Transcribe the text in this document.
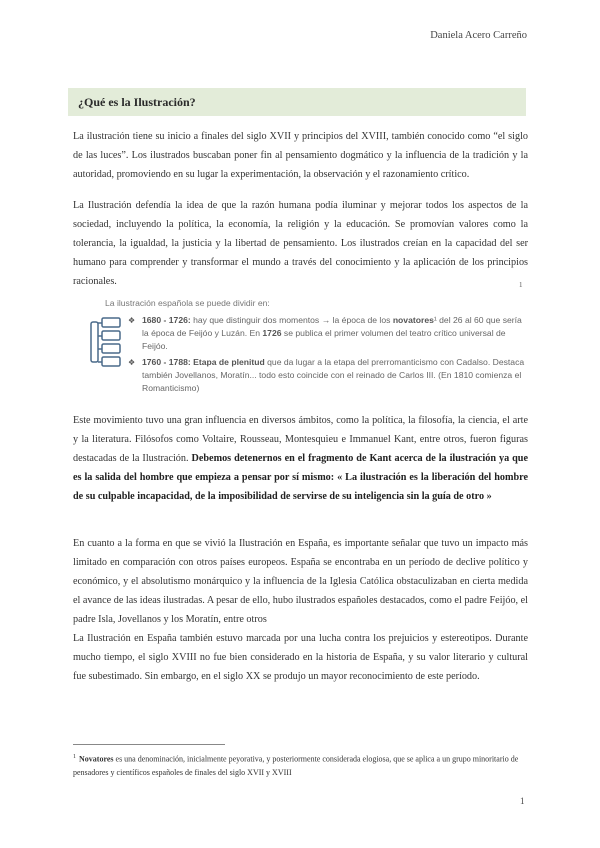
Daniela Acero Carreño
¿Qué es la Ilustración?

La ilustración tiene su inicio a finales del siglo XVII y principios del XVIII, también conocido como “el siglo de las luces”. Los ilustrados buscaban poner fin al pensamiento dogmático y la influencia de la tradición y la autoridad, promoviendo en su lugar la experimentación, la observación y el razonamiento crítico.

La Ilustración defendía la idea de que la razón humana podía iluminar y mejorar todos los aspectos de la sociedad, incluyendo la política, la economía, la religión y la educación. Se promovían valores como la tolerancia, la igualdad, la justicia y la libertad de pensamiento. Los ilustrados creían en la capacidad del ser humano para comprender y transformar el mundo a través del conocimiento y la aplicación de los principios racionales.	1

La ilustración española se puede dividir en:

❖ 1680 - 1726: hay que distinguir dos momentos → la época de los novatores¹ del 26 al 60 que sería la época de Feijóo y Luzán. En 1726 se publica el primer volumen del teatro crítico universal de Feijóo.
❖ 1760 - 1788: Etapa de plenitud que da lugar a la etapa del prerromanticismo con Cadalso. Destaca también Jovellanos, Moratín... todo esto coincide con el reinado de Carlos III. (En 1810 comienza el Romanticismo)

Este movimiento tuvo una gran influencia en diversos ámbitos, como la política, la filosofía, la ciencia, el arte y la literatura. Filósofos como Voltaire, Rousseau, Montesquieu e Immanuel Kant, entre otros, fueron figuras destacadas de la Ilustración. Debemos detenernos en el fragmento de Kant acerca de la ilustración ya que es la salida del hombre que empieza a pensar por sí mismo: « La ilustración es la liberación del hombre de su culpable incapacidad, de la imposibilidad de servirse de su inteligencia sin la guía de otro »

En cuanto a la forma en que se vivió la Ilustración en España, es importante señalar que tuvo un impacto más limitado en comparación con otros países europeos. España se encontraba en un período de declive político y económico, y el absolutismo monárquico y la influencia de la Iglesia Católica obstaculizaban en cierta medida el avance de las ideas ilustradas. A pesar de ello, hubo ilustrados españoles destacados, como el padre Feijóo, el padre Isla, Jovellanos y los Moratín, entre otros

La Ilustración en España también estuvo marcada por una lucha contra los prejuicios y estereotipos. Durante mucho tiempo, el siglo XVIII no fue bien considerado en la historia de España, y su valor literario y cultural fue subestimado. Sin embargo, en el siglo XX se produjo un mayor reconocimiento de este período.

$^1$ Novatores es una denominación, inicialmente peyorativa, y posteriormente considerada elogiosa, que se aplica a un grupo minoritario de pensadores y científicos españoles de finales del siglo XVII y XVIII
1
